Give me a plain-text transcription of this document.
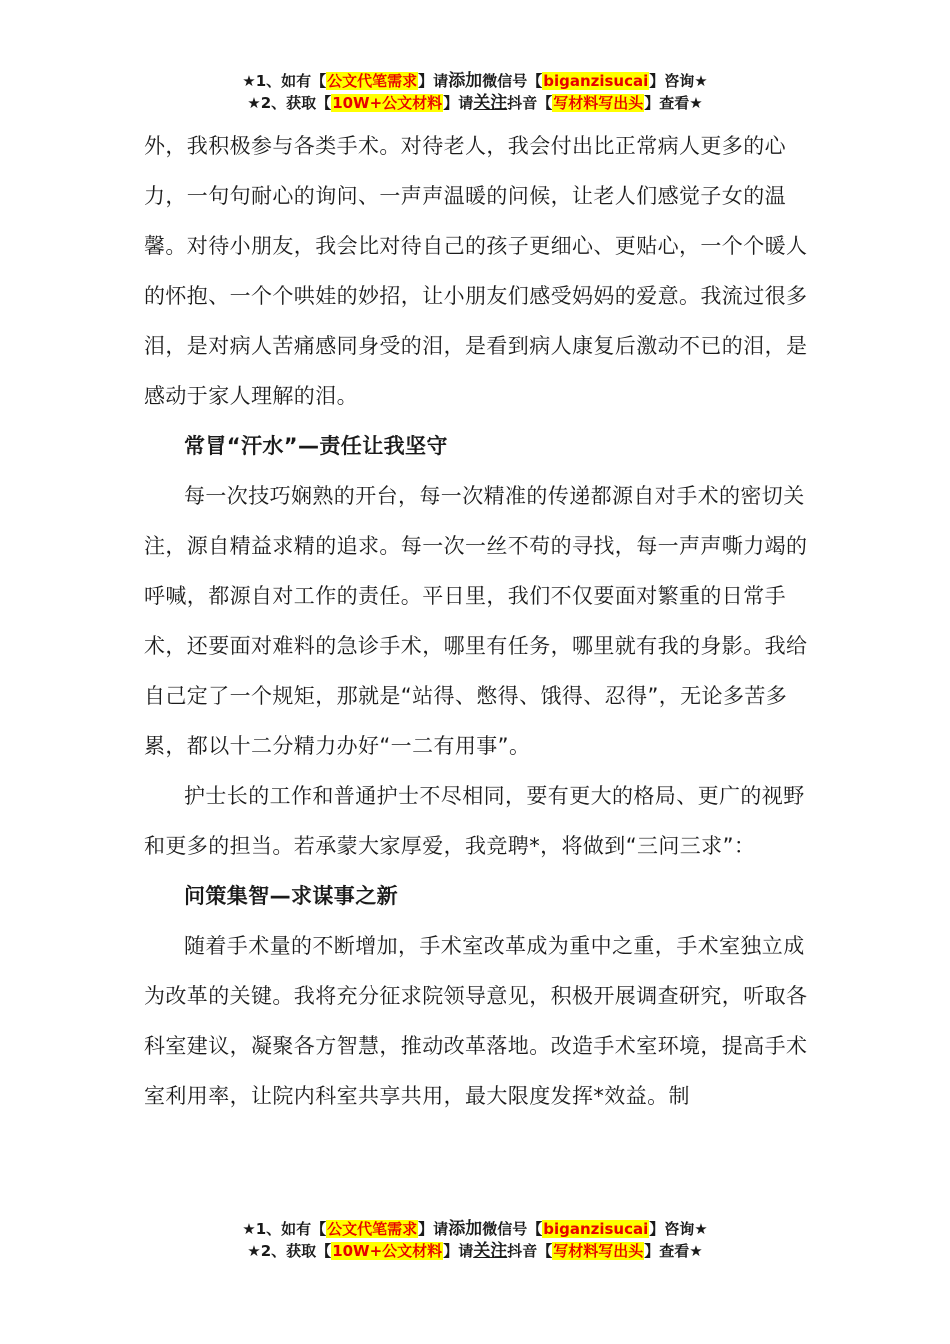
★1、如有【公文代笔需求】请添加微信号【biganzisucai】咨询★
★2、获取【10W+公文材料】请关注抖音【写材料写出头】查看★

外，我积极参与各类手术。对待老人，我会付出比正常病人更多的心力，一句句耐心的询问、一声声温暖的问候，让老人们感觉子女的温馨。对待小朋友，我会比对待自己的孩子更细心、更贴心，一个个暖人的怀抱、一个个哄娃的妙招，让小朋友们感受妈妈的爱意。我流过很多泪，是对病人苦痛感同身受的泪，是看到病人康复后激动不已的泪，是感动于家人理解的泪。

常冒“汗水”—责任让我坚守

每一次技巧娴熟的开台，每一次精准的传递都源自对手术的密切关注，源自精益求精的追求。每一次一丝不苟的寻找，每一声声嘶力竭的呼喊，都源自对工作的责任。平日里，我们不仅要面对繁重的日常手术，还要面对难料的急诊手术，哪里有任务，哪里就有我的身影。我给自己定了一个规矩，那就是“站得、憋得、饿得、忍得”，无论多苦多累，都以十二分精力办好“一二有用事”。

护士长的工作和普通护士不尽相同，要有更大的格局、更广的视野和更多的担当。若承蒙大家厚爱，我竞聘*，将做到“三问三求”：

问策集智—求谋事之新

随着手术量的不断增加，手术室改革成为重中之重，手术室独立成为改革的关键。我将充分征求院领导意见，积极开展调查研究，听取各科室建议，凝聚各方智慧，推动改革落地。改造手术室环境，提高手术室利用率，让院内科室共享共用，最大限度发挥*效益。制

★1、如有【公文代笔需求】请添加微信号【biganzisucai】咨询★
★2、获取【10W+公文材料】请关注抖音【写材料写出头】查看★
